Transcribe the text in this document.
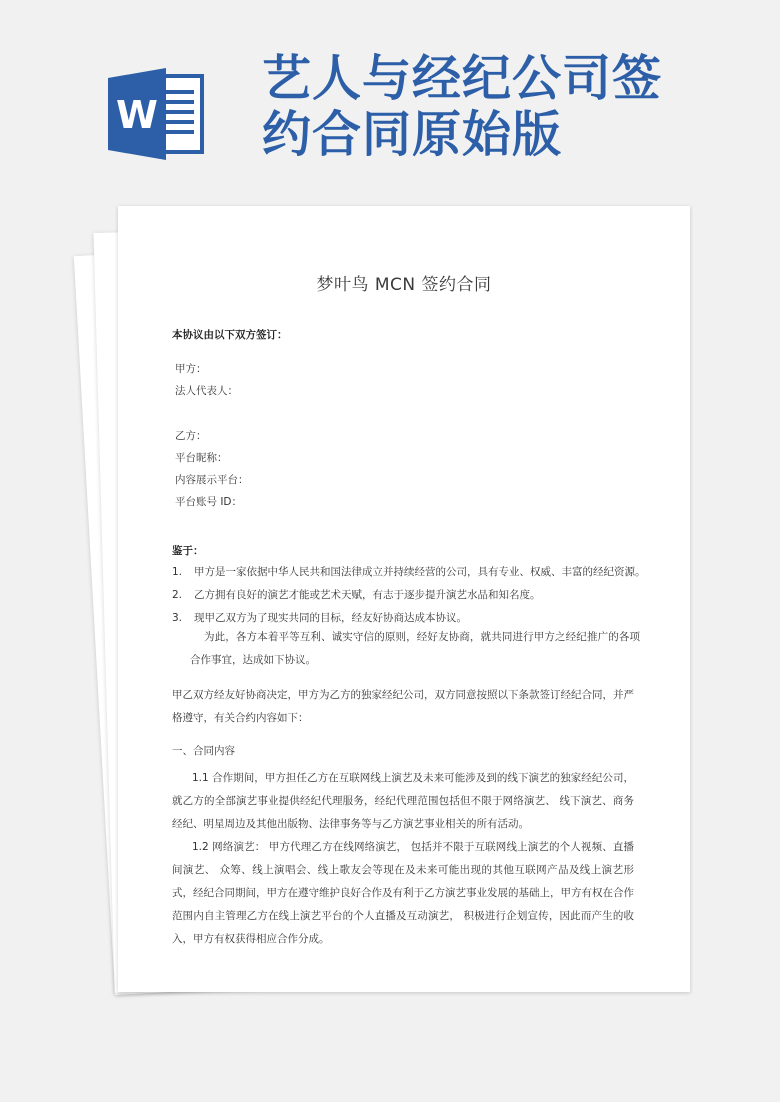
W
艺人与经纪公司签
约合同原始版
梦叶鸟 MCN 签约合同
本协议由以下双方签订：
甲方：
法人代表人：
乙方：
平台昵称：
内容展示平台：
平台账号 ID：
鉴于：
1. 甲方是一家依据中华人民共和国法律成立并持续经营的公司，具有专业、权威、丰富的经纪资源。
2. 乙方拥有良好的演艺才能或艺术天赋，有志于逐步提升演艺水品和知名度。
3. 现甲乙双方为了现实共同的目标，经友好协商达成本协议。
为此，各方本着平等互利、诚实守信的原则，经好友协商，就共同进行甲方之经纪推广的各项合作事宜，达成如下协议。
甲乙双方经友好协商决定，甲方为乙方的独家经纪公司，双方同意按照以下条款签订经纪合同，并严格遵守，有关合约内容如下：
一、合同内容
1.1 合作期间，甲方担任乙方在互联网线上演艺及未来可能涉及到的线下演艺的独家经纪公司，就乙方的全部演艺事业提供经纪代理服务，经纪代理范围包括但不限于网络演艺、 线下演艺、商务经纪、明星周边及其他出版物、法律事务等与乙方演艺事业相关的所有活动。
1.2 网络演艺： 甲方代理乙方在线网络演艺， 包括并不限于互联网线上演艺的个人视频、直播间演艺、 众筹、线上演唱会、线上歌友会等现在及未来可能出现的其他互联网产品及线上演艺形式，经纪合同期间，甲方在遵守维护良好合作及有利于乙方演艺事业发展的基础上，甲方有权在合作范围内自主管理乙方在线上演艺平台的个人直播及互动演艺， 积极进行企划宣传，因此而产生的收入，甲方有权获得相应合作分成。
